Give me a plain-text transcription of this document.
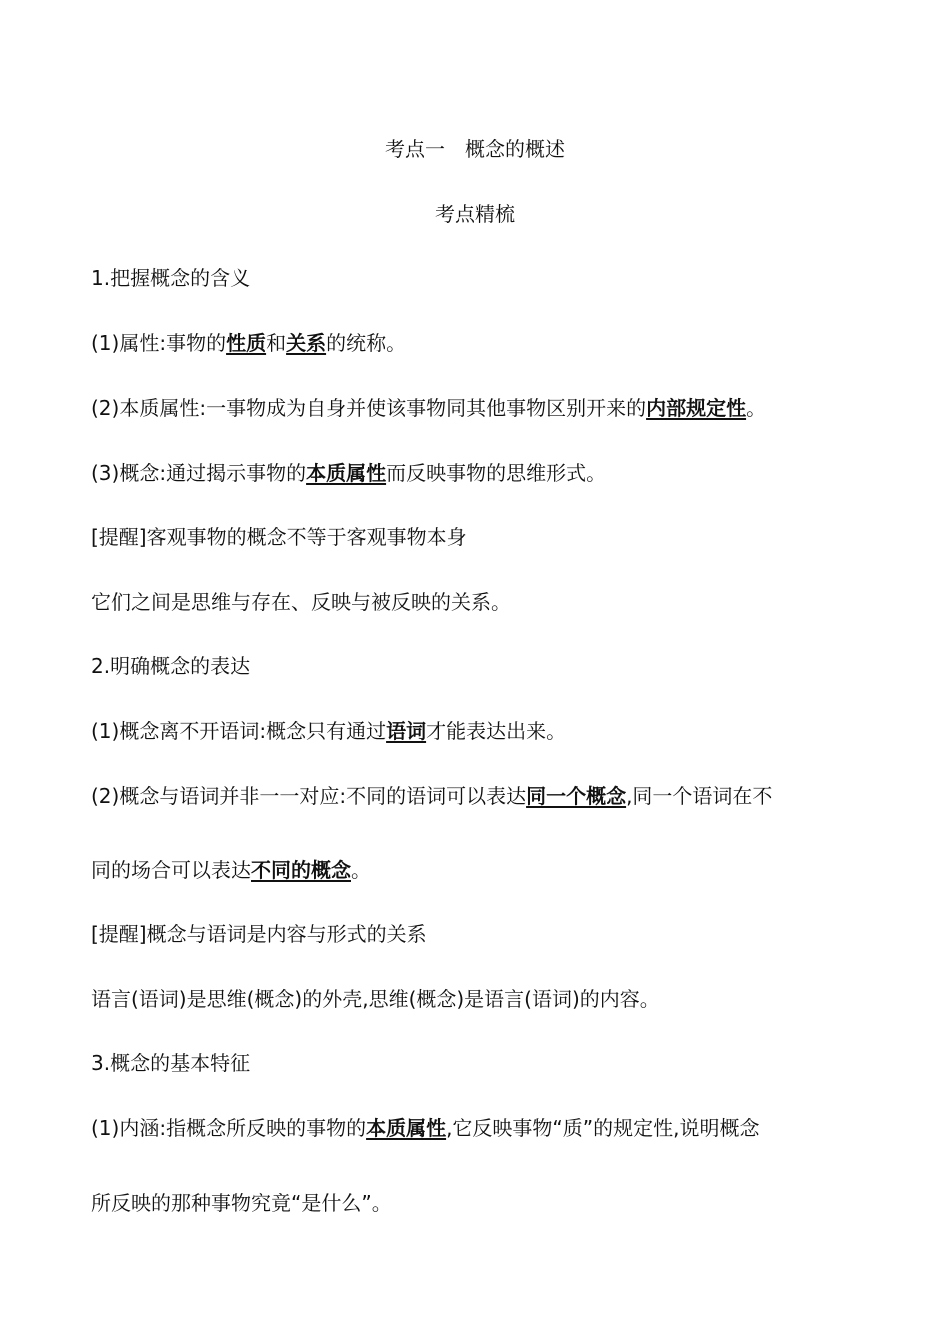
考点一　概念的概述
考点精梳
1.把握概念的含义
(1)属性:事物的性质和关系的统称。
(2)本质属性:一事物成为自身并使该事物同其他事物区别开来的内部规定性。
(3)概念:通过揭示事物的本质属性而反映事物的思维形式。
[提醒]客观事物的概念不等于客观事物本身
它们之间是思维与存在、反映与被反映的关系。
2.明确概念的表达
(1)概念离不开语词:概念只有通过语词才能表达出来。
(2)概念与语词并非一一对应:不同的语词可以表达同一个概念,同一个语词在不
同的场合可以表达不同的概念。
[提醒]概念与语词是内容与形式的关系
语言(语词)是思维(概念)的外壳,思维(概念)是语言(语词)的内容。
3.概念的基本特征
(1)内涵:指概念所反映的事物的本质属性,它反映事物“质”的规定性,说明概念
所反映的那种事物究竟“是什么”。
